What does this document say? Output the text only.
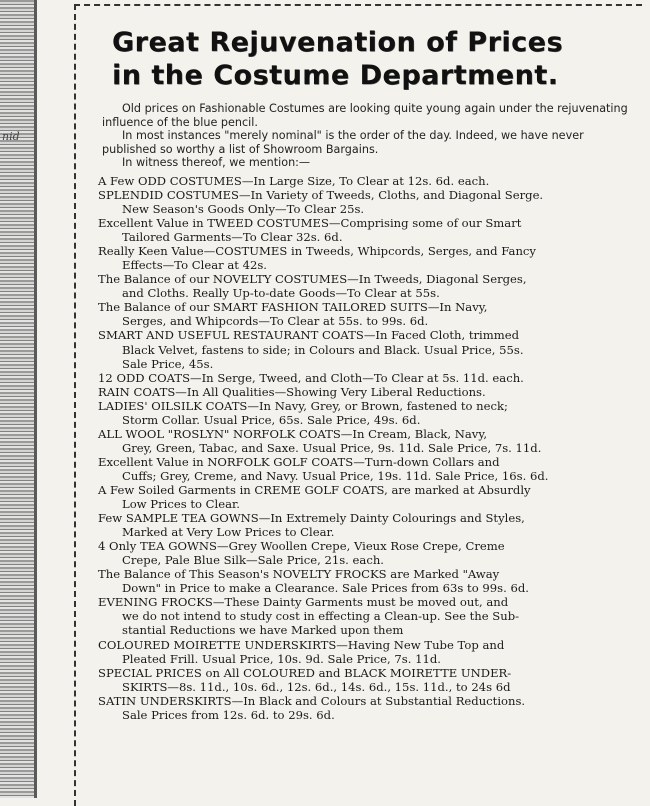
nid
Great Rejuvenation of Prices
in the Costume Department.

Old prices on Fashionable Costumes are looking quite young again under the rejuvenating influence of the blue pencil.

In most instances "merely nominal" is the order of the day. Indeed, we have never published so worthy a list of Showroom Bargains.

In witness thereof, we mention:—

A Few ODD COSTUMES—In Large Size, To Clear at 12s. 6d. each.
SPLENDID COSTUMES—In Variety of Tweeds, Cloths, and Diagonal Serge.
New Season's Goods Only—To Clear 25s.
Excellent Value in TWEED COSTUMES—Comprising some of our Smart
Tailored Garments—To Clear 32s. 6d.
Really Keen Value—COSTUMES in Tweeds, Whipcords, Serges, and Fancy
Effects—To Clear at 42s.
The Balance of our NOVELTY COSTUMES—In Tweeds, Diagonal Serges,
and Cloths. Really Up-to-date Goods—To Clear at 55s.
The Balance of our SMART FASHION TAILORED SUITS—In Navy,
Serges, and Whipcords—To Clear at 55s. to 99s. 6d.
SMART AND USEFUL RESTAURANT COATS—In Faced Cloth, trimmed
Black Velvet, fastens to side; in Colours and Black. Usual Price, 55s.
Sale Price, 45s.
12 ODD COATS—In Serge, Tweed, and Cloth—To Clear at 5s. 11d. each.
RAIN COATS—In All Qualities—Showing Very Liberal Reductions.
LADIES' OILSILK COATS—In Navy, Grey, or Brown, fastened to neck;
Storm Collar. Usual Price, 65s. Sale Price, 49s. 6d.
ALL WOOL "ROSLYN" NORFOLK COATS—In Cream, Black, Navy,
Grey, Green, Tabac, and Saxe. Usual Price, 9s. 11d. Sale Price, 7s. 11d.
Excellent Value in NORFOLK GOLF COATS—Turn-down Collars and
Cuffs; Grey, Creme, and Navy. Usual Price, 19s. 11d. Sale Price, 16s. 6d.
A Few Soiled Garments in CREME GOLF COATS, are marked at Absurdly
Low Prices to Clear.
Few SAMPLE TEA GOWNS—In Extremely Dainty Colourings and Styles,
Marked at Very Low Prices to Clear.
4 Only TEA GOWNS—Grey Woollen Crepe, Vieux Rose Crepe, Creme
Crepe, Pale Blue Silk—Sale Price, 21s. each.
The Balance of This Season's NOVELTY FROCKS are Marked "Away
Down" in Price to make a Clearance. Sale Prices from 63s to 99s. 6d.
EVENING FROCKS—These Dainty Garments must be moved out, and
we do not intend to study cost in effecting a Clean-up. See the Sub-
stantial Reductions we have Marked upon them
COLOURED MOIRETTE UNDERSKIRTS—Having New Tube Top and
Pleated Frill. Usual Price, 10s. 9d. Sale Price, 7s. 11d.
SPECIAL PRICES on All COLOURED and BLACK MOIRETTE UNDER-
SKIRTS—8s. 11d., 10s. 6d., 12s. 6d., 14s. 6d., 15s. 11d., to 24s 6d
SATIN UNDERSKIRTS—In Black and Colours at Substantial Reductions.
Sale Prices from 12s. 6d. to 29s. 6d.
